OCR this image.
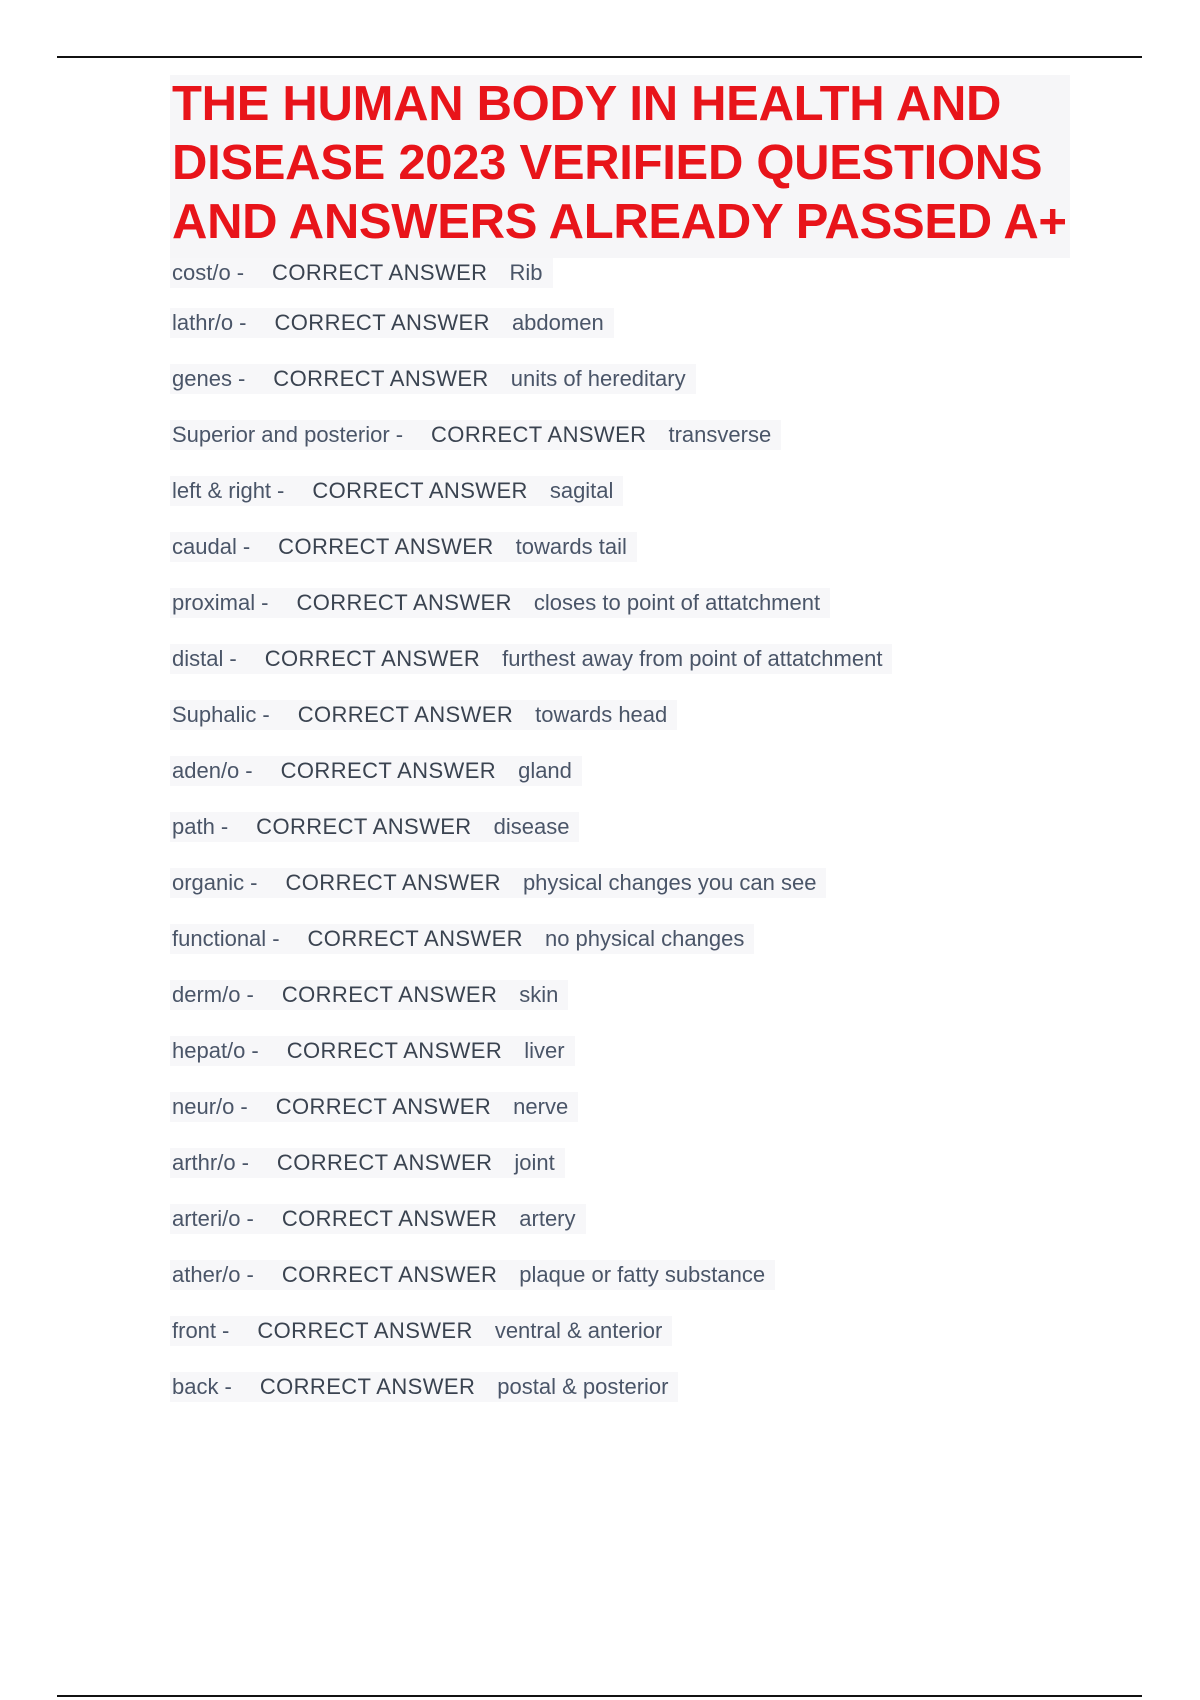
THE HUMAN BODY IN HEALTH AND DISEASE 2023 VERIFIED QUESTIONS AND ANSWERS ALREADY PASSED A+
cost/o - CORRECT ANSWER Rib
lathr/o - CORRECT ANSWER abdomen
genes - CORRECT ANSWER units of hereditary
Superior and posterior - CORRECT ANSWER transverse
left & right - CORRECT ANSWER sagital
caudal - CORRECT ANSWER towards tail
proximal - CORRECT ANSWER closes to point of attatchment
distal - CORRECT ANSWER furthest away from point of attatchment
Suphalic - CORRECT ANSWER towards head
aden/o - CORRECT ANSWER gland
path - CORRECT ANSWER disease
organic - CORRECT ANSWER physical changes you can see
functional - CORRECT ANSWER no physical changes
derm/o - CORRECT ANSWER skin
hepat/o - CORRECT ANSWER liver
neur/o - CORRECT ANSWER nerve
arthr/o - CORRECT ANSWER joint
arteri/o - CORRECT ANSWER artery
ather/o - CORRECT ANSWER plaque or fatty substance
front - CORRECT ANSWER ventral & anterior
back - CORRECT ANSWER postal & posterior
